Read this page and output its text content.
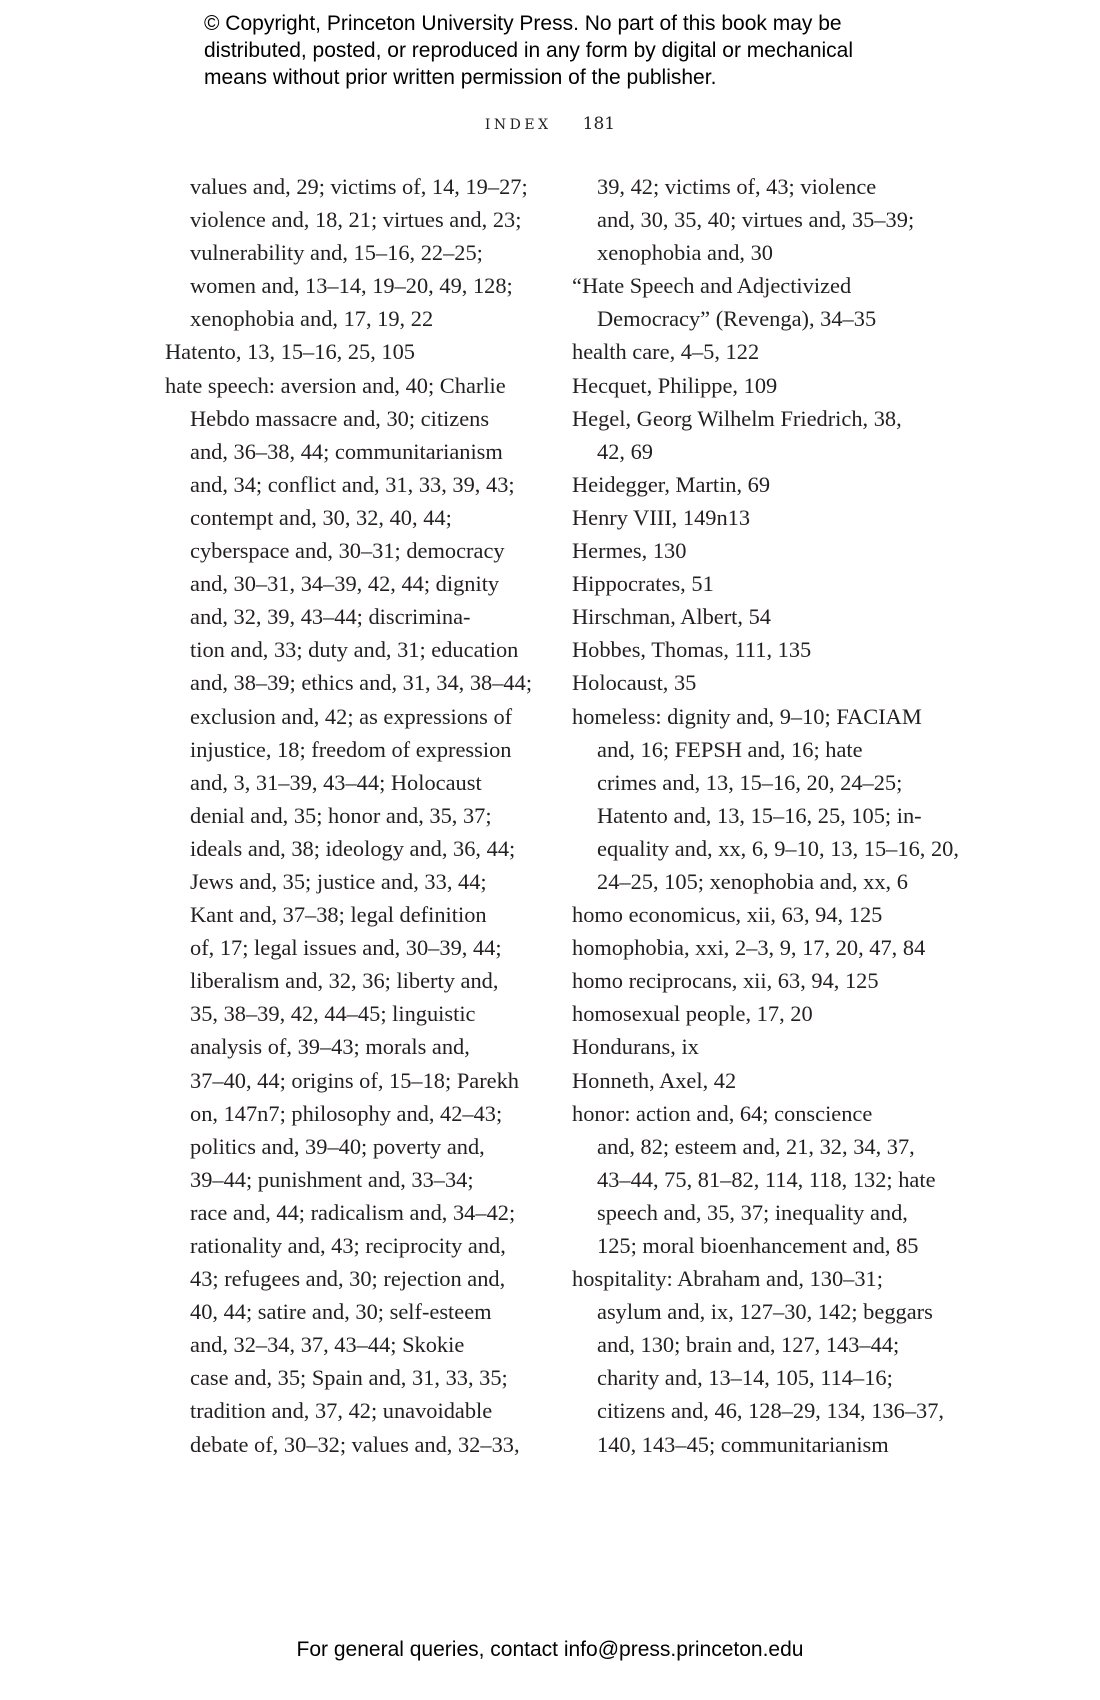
© Copyright, Princeton University Press. No part of this book may be
distributed, posted, or reproduced in any form by digital or mechanical
means without prior written permission of the publisher.
INDEX 181
values and, 29; victims of, 14, 19–27;
violence and, 18, 21; virtues and, 23;
vulnerability and, 15–16, 22–25;
women and, 13–14, 19–20, 49, 128;
xenophobia and, 17, 19, 22
Hatento, 13, 15–16, 25, 105
hate speech: aversion and, 40; Charlie
Hebdo massacre and, 30; citizens
and, 36–38, 44; communitarianism
and, 34; conflict and, 31, 33, 39, 43;
contempt and, 30, 32, 40, 44;
cyberspace and, 30–31; democracy
and, 30–31, 34–39, 42, 44; dignity
and, 32, 39, 43–44; discrimina-
tion and, 33; duty and, 31; education
and, 38–39; ethics and, 31, 34, 38–44;
exclusion and, 42; as expressions of
injustice, 18; freedom of expression
and, 3, 31–39, 43–44; Holocaust
denial and, 35; honor and, 35, 37;
ideals and, 38; ideology and, 36, 44;
Jews and, 35; justice and, 33, 44;
Kant and, 37–38; legal definition
of, 17; legal issues and, 30–39, 44;
liberalism and, 32, 36; liberty and,
35, 38–39, 42, 44–45; linguistic
analysis of, 39–43; morals and,
37–40, 44; origins of, 15–18; Parekh
on, 147n7; philosophy and, 42–43;
politics and, 39–40; poverty and,
39–44; punishment and, 33–34;
race and, 44; radicalism and, 34–42;
rationality and, 43; reciprocity and,
43; refugees and, 30; rejection and,
40, 44; satire and, 30; self-esteem
and, 32–34, 37, 43–44; Skokie
case and, 35; Spain and, 31, 33, 35;
tradition and, 37, 42; unavoidable
debate of, 30–32; values and, 32–33,
39, 42; victims of, 43; violence
and, 30, 35, 40; virtues and, 35–39;
xenophobia and, 30
“Hate Speech and Adjectivized
Democracy” (Revenga), 34–35
health care, 4–5, 122
Hecquet, Philippe, 109
Hegel, Georg Wilhelm Friedrich, 38,
42, 69
Heidegger, Martin, 69
Henry VIII, 149n13
Hermes, 130
Hippocrates, 51
Hirschman, Albert, 54
Hobbes, Thomas, 111, 135
Holocaust, 35
homeless: dignity and, 9–10; FACIAM
and, 16; FEPSH and, 16; hate
crimes and, 13, 15–16, 20, 24–25;
Hatento and, 13, 15–16, 25, 105; in-
equality and, xx, 6, 9–10, 13, 15–16, 20,
24–25, 105; xenophobia and, xx, 6
homo economicus, xii, 63, 94, 125
homophobia, xxi, 2–3, 9, 17, 20, 47, 84
homo reciprocans, xii, 63, 94, 125
homosexual people, 17, 20
Hondurans, ix
Honneth, Axel, 42
honor: action and, 64; conscience
and, 82; esteem and, 21, 32, 34, 37,
43–44, 75, 81–82, 114, 118, 132; hate
speech and, 35, 37; inequality and,
125; moral bioenhancement and, 85
hospitality: Abraham and, 130–31;
asylum and, ix, 127–30, 142; beggars
and, 130; brain and, 127, 143–44;
charity and, 13–14, 105, 114–16;
citizens and, 46, 128–29, 134, 136–37,
140, 143–45; communitarianism
For general queries, contact info@press.princeton.edu
